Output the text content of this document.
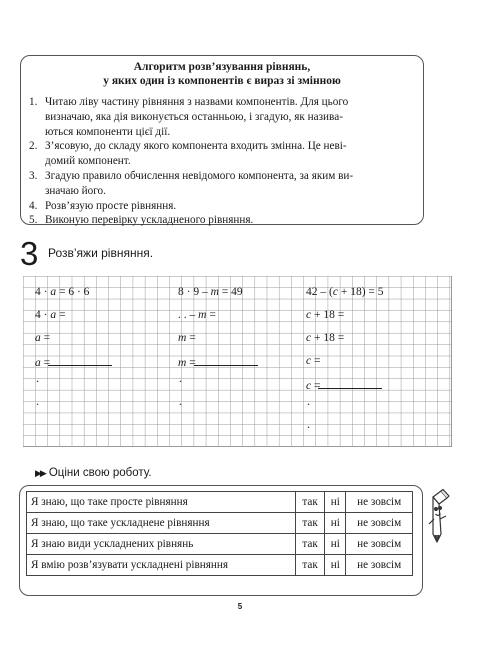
Алгоритм розв’язування рівнянь,
у яких один із компонентів є вираз зі змінною
1. Читаю ліву частину рівняння з назвами компонентів. Для цього
визначаю, яка дія виконується останньою, і згадую, як називa-
ються компоненти цієї дії.
2. З’ясовую, до складу якого компонента входить змінна. Це невi-
домий компонент.
3. Згадую правило обчислення невідомого компонента, за яким ви-
значаю його.
4. Розв’язую просте рівняння.
5. Виконую перевірку ускладненого рівняння.
3 Розв’яжи рівняння.
4 · a = 6 · 6
4 · a =
a =
a =
.
.
8 · 9 – m = 49
. . – m =
m =
m =
.
.
42 – (c + 18) = 5
c + 18 =
c + 18 =
c =
c =
.
.
▶▶ Оціни свою роботу.
Я знаю, що таке просте рівняння	так	ні	не зовсім
Я знаю, що таке ускладнене рівняння	так	ні	не зовсім
Я знаю види ускладнених рівнянь	так	ні	не зовсім
Я вмію розв’язувати ускладнені рівняння	так	ні	не зовсім
5
